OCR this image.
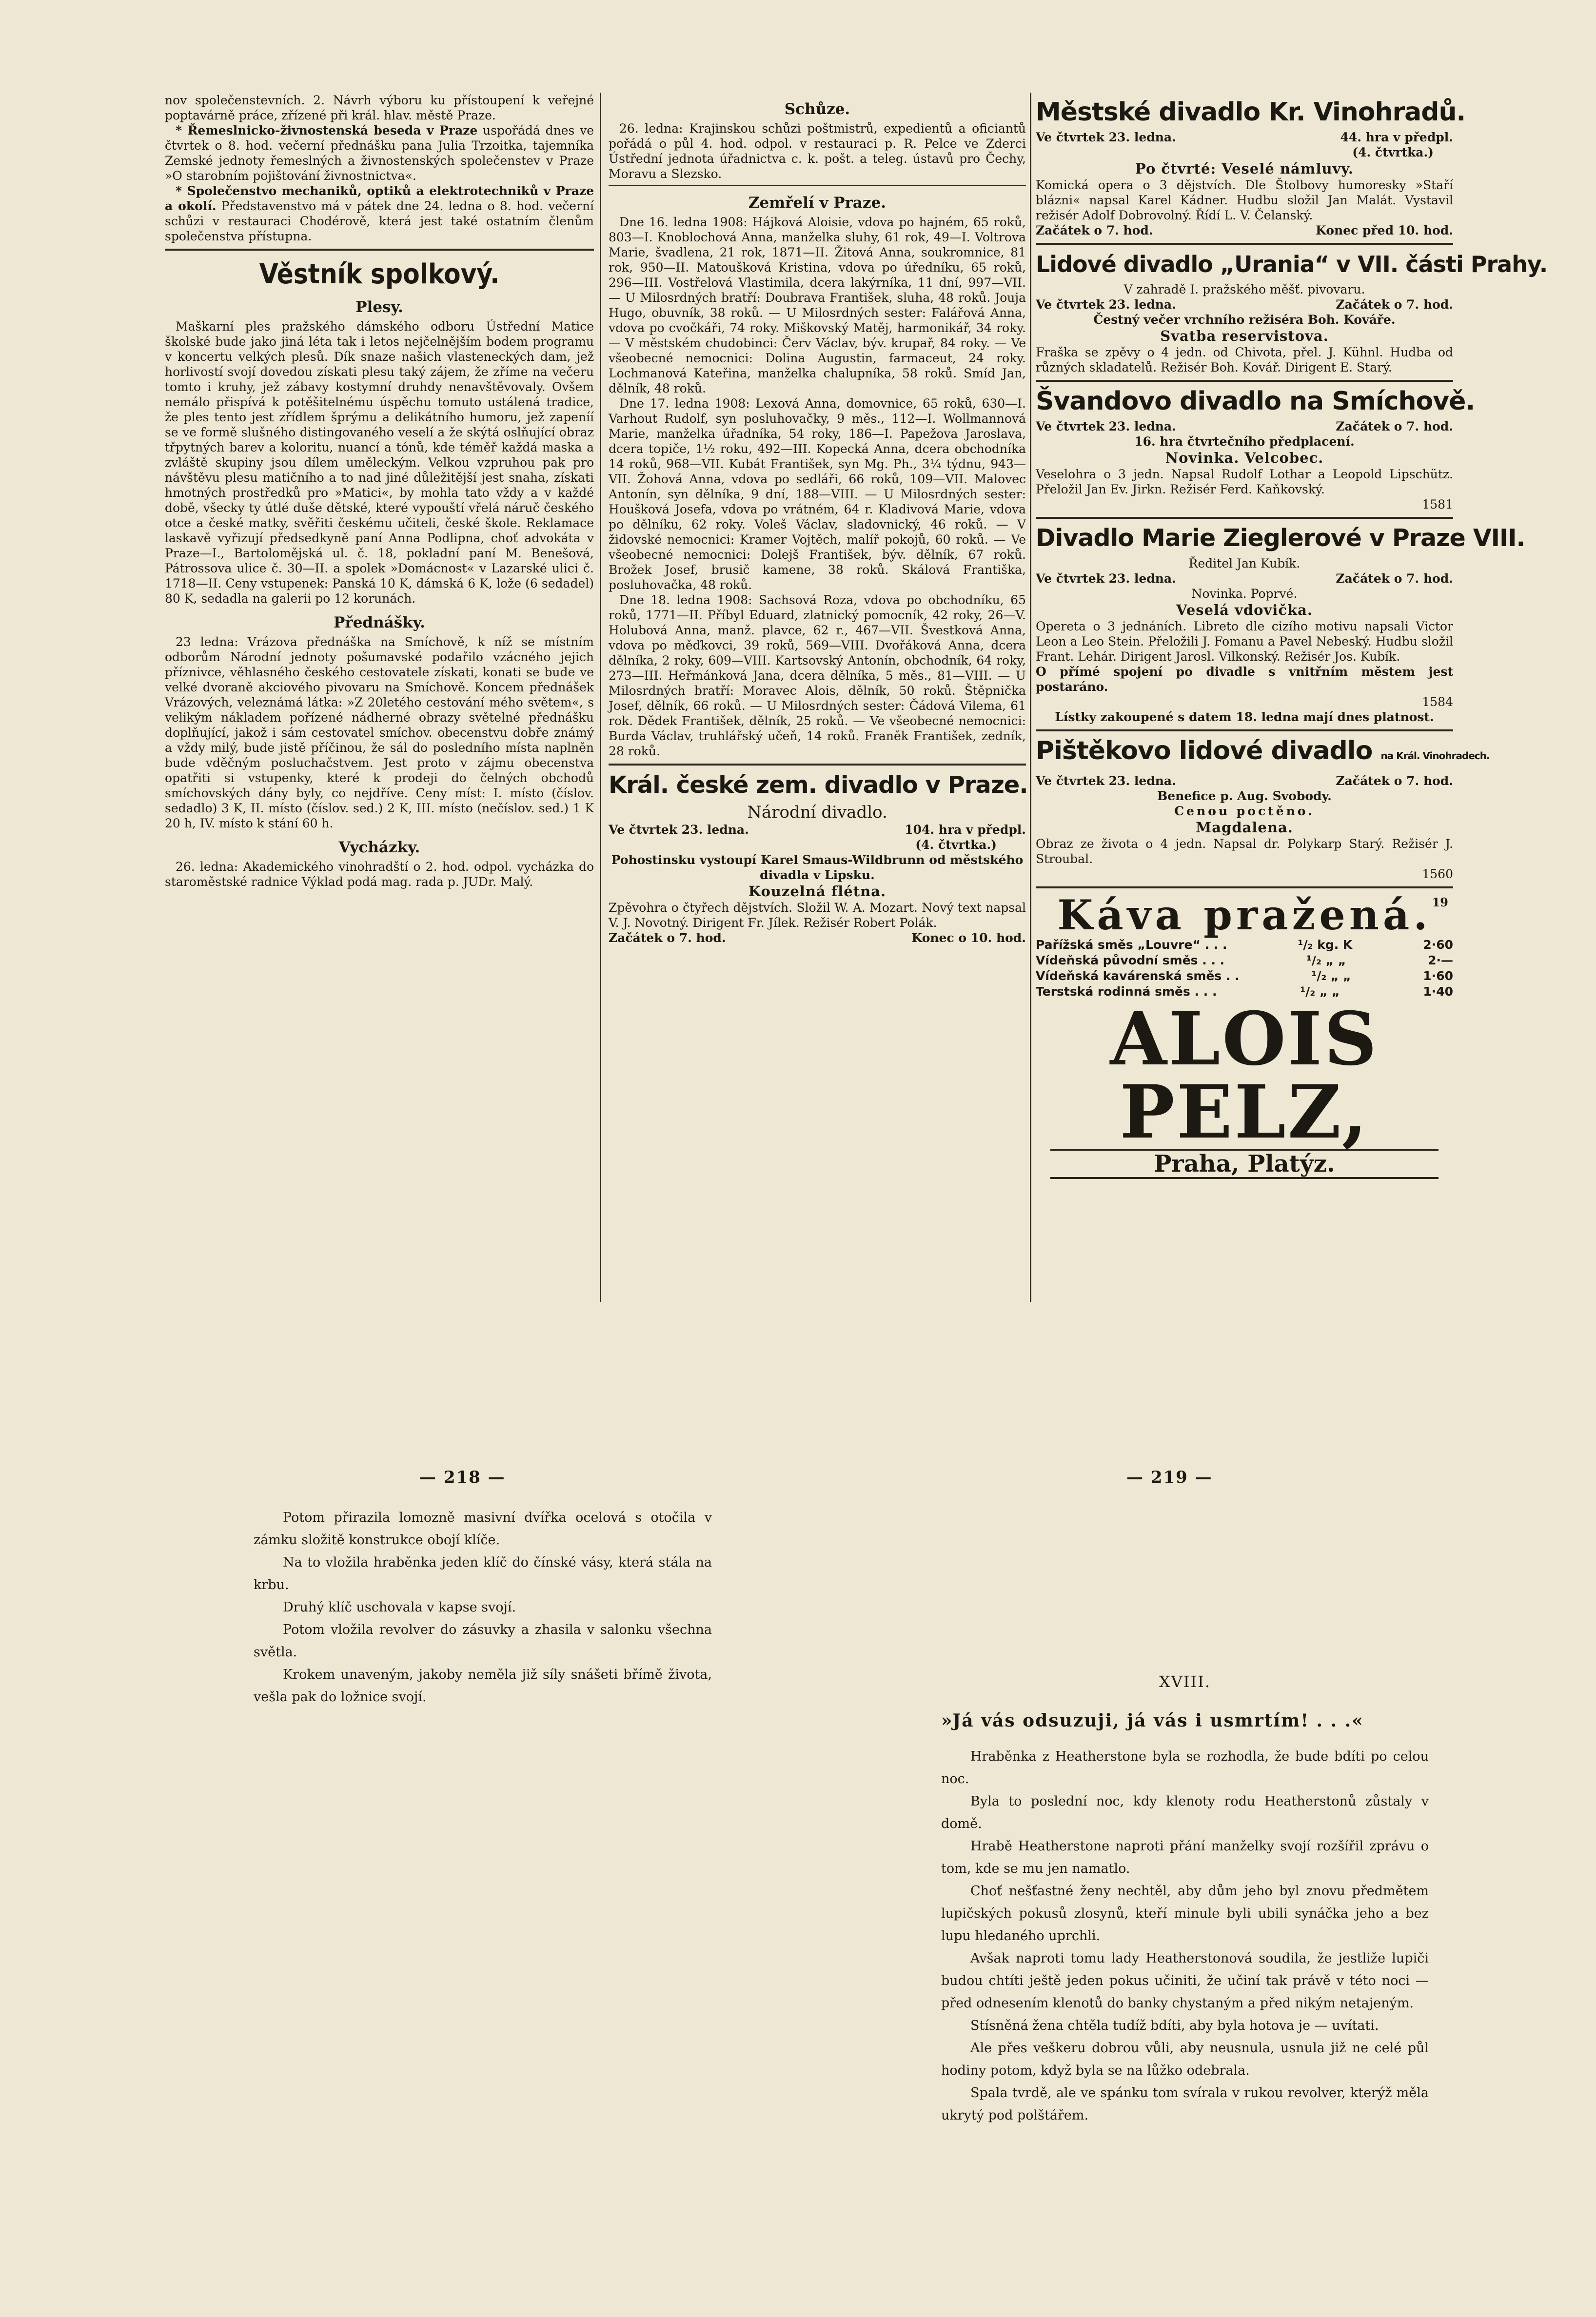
nov společenstevních. 2. Návrh výboru ku přístoupení k veřejné poptavárně práce, zřízené při král. hlav. městě Praze.

* Řemeslnicko-živnostenská beseda v Praze uspořádá dnes ve čtvrtek o 8. hod. večerní přednášku pana Julia Trzoitka, tajemníka Zemské jednoty řemeslných a živnostenských společenstev v Praze »O starobním pojištování živnostnictva«.

* Společenstvo mechaniků, optiků a elektrotechniků v Praze a okolí. Představenstvo má v pátek dne 24. ledna o 8. hod. večerní schůzi v restauraci Chodérově, která jest také ostatním členům společenstva přístupna.

Věstník spolkový.
Plesy.

Maškarní ples pražského dámského odboru Ústřední Matice školské bude jako jiná léta tak i letos nejčelnějším bodem programu v koncertu velkých plesů. Dík snaze našich vlasteneckých dam, jež horlivostí svojí dovedou získati plesu taký zájem, že zříme na večeru tomto i kruhy, jež zábavy kostymní druhdy nenavštěvovaly. Ovšem nemálo přispívá k potěšitelnému úspěchu tomuto ustálená tradice, že ples tento jest zřídlem šprýmu a delikátního humoru, jež zapeníí se ve formě slušného distingovaného veselí a že skýtá oslňující obraz třpytných barev a koloritu, nuancí a tónů, kde téměř každá maska a zvláště skupiny jsou dílem uměleckým. Velkou vzpruhou pak pro návštěvu plesu matičního a to nad jiné důležitější jest snaha, získati hmotných prostředků pro »Matici«, by mohla tato vždy a v každé době, všecky ty útlé duše dětské, které vypouští vřelá náruč českého otce a české matky, svěřiti českému učiteli, české škole. Reklamace laskavě vyřizují předsedkyně paní Anna Podlipna, choť advokáta v Praze—I., Bartolomějská ul. č. 18, pokladní paní M. Benešová, Pátrossova ulice č. 30—II. a spolek »Domácnost« v Lazarské ulici č. 1718—II. Ceny vstupenek: Panská 10 K, dámská 6 K, lože (6 sedadel) 80 K, sedadla na galerii po 12 korunách.

Přednášky.

23 ledna: Vrázova přednáška na Smíchově, k níž se místním odborům Národní jednoty pošumavské podařilo vzácného jejich příznivce, věhlasného českého cestovatele získati, konati se bude ve velké dvoraně akciového pivovaru na Smíchově. Koncem přednášek Vrázových, veleznámá látka: »Z 20letého cestování mého světem«, s velikým nákladem pořízené nádherné obrazy světelné přednášku doplňující, jakož i sám cestovatel smíchov. obecenstvu dobře známý a vždy milý, bude jistě příčinou, že sál do posledního místa naplněn bude vděčným posluchačstvem. Jest proto v zájmu obecenstva opatřiti si vstupenky, které k prodeji do čelných obchodů smíchovských dány byly, co nejdříve. Ceny míst: I. místo (číslov. sedadlo) 3 K, II. místo (číslov. sed.) 2 K, III. místo (nečíslov. sed.) 1 K 20 h, IV. místo k stání 60 h.

Vycházky.

26. ledna: Akademického vinohradští o 2. hod. odpol. vycházka do staroměstské radnice Výklad podá mag. rada p. JUDr. Malý.

Schůze.

26. ledna: Krajinskou schůzi poštmistrů, expedientů a oficiantů pořádá o půl 4. hod. odpol. v restauraci p. R. Pelce ve Zderci Ústřední jednota úřadnictva c. k. pošt. a teleg. ústavů pro Čechy, Moravu a Slezsko.

Zemřelí v Praze.

Dne 16. ledna 1908: Hájková Aloisie, vdova po hajném, 65 roků, 803—I. Knoblochová Anna, manželka sluhy, 61 rok, 49—I. Voltrova Marie, švadlena, 21 rok, 1871—II. Žitová Anna, soukromnice, 81 rok, 950—II. Matoušková Kristina, vdova po úředníku, 65 roků, 296—III. Vostřelová Vlastimila, dcera lakýrníka, 11 dní, 997—VII. — U Milosrdných bratří: Doubrava František, sluha, 48 roků. Jouja Hugo, obuvník, 38 roků. — U Milosrdných sester: Falářová Anna, vdova po cvočkáři, 74 roky. Miškovský Matěj, harmonikář, 34 roky. — V městském chudobinci: Červ Václav, býv. krupař, 84 roky. — Ve všeobecné nemocnici: Dolina Augustin, farmaceut, 24 roky. Lochmanová Kateřina, manželka chalupníka, 58 roků. Smíd Jan, dělník, 48 roků.

Dne 17. ledna 1908: Lexová Anna, domovnice, 65 roků, 630—I. Varhout Rudolf, syn posluhovačky, 9 měs., 112—I. Wollmannová Marie, manželka úřadníka, 54 roky, 186—I. Papežova Jaroslava, dcera topiče, 1½ roku, 492—III. Kopecká Anna, dcera obchodníka 14 roků, 968—VII. Kubát František, syn Mg. Ph., 3¼ týdnu, 943—VII. Žohová Anna, vdova po sedláři, 66 roků, 109—VII. Malovec Antonín, syn dělníka, 9 dní, 188—VIII. — U Milosrdných sester: Houšková Josefa, vdova po vrátném, 64 r. Kladivová Marie, vdova po dělníku, 62 roky. Voleš Václav, sladovnický, 46 roků. — V židovské nemocnici: Kramer Vojtěch, malíř pokojů, 60 roků. — Ve všeobecné nemocnici: Dolejš František, býv. dělník, 67 roků. Brožek Josef, brusič kamene, 38 roků. Skálová Františka, posluhovačka, 48 roků.

Dne 18. ledna 1908: Sachsová Roza, vdova po obchodníku, 65 roků, 1771—II. Příbyl Eduard, zlatnický pomocník, 42 roky, 26—V. Holubová Anna, manž. plavce, 62 r., 467—VII. Švestková Anna, vdova po měďkovci, 39 roků, 569—VIII. Dvořáková Anna, dcera dělníka, 2 roky, 609—VIII. Kartsovský Antonín, obchodník, 64 roky, 273—III. Heřmánková Jana, dcera dělníka, 5 měs., 81—VIII. — U Milosrdných bratří: Moravec Alois, dělník, 50 roků. Štěpnička Josef, dělník, 66 roků. — U Milosrdných sester: Čádová Vilema, 61 rok. Dědek František, dělník, 25 roků. — Ve všeobecné nemocnici: Burda Václav, truhlářský učeň, 14 roků. Franěk František, zedník, 28 roků.

Král. české zem. divadlo v Praze.
Národní divadlo.
Ve čtvrtek 23. ledna.	104. hra v předpl.
(4. čtvrtka.)
Pohostinsku vystoupí Karel Smaus-Wildbrunn od městského divadla v Lipsku.
Kouzelná flétna.

Zpěvohra o čtyřech dějstvích. Složil W. A. Mozart. Nový text napsal V. J. Novotný. Dirigent Fr. Jílek. Režisér Robert Polák.

Začátek o 7. hod.	Konec o 10. hod.
Městské divadlo Kr. Vinohradů.
Ve čtvrtek 23. ledna.	44. hra v předpl.
(4. čtvrtka.)
Po čtvrté: Veselé námluvy.

Komická opera o 3 dějstvích. Dle Štolbovy humoresky »Staří blázni« napsal Karel Kádner. Hudbu složil Jan Malát. Vystavil režisér Adolf Dobrovolný. Řídí L. V. Čelanský.

Začátek o 7. hod.	Konec před 10. hod.
Lidové divadlo „Urania“ v VII. části Prahy.
V zahradě I. pražského měšť. pivovaru.
Ve čtvrtek 23. ledna.	Začátek o 7. hod.
Čestný večer vrchního režiséra Boh. Kováře.
Svatba reservistova.

Fraška se zpěvy o 4 jedn. od Chivota, přel. J. Kühnl. Hudba od různých skladatelů. Režisér Boh. Kovář. Dirigent E. Starý.

Švandovo divadlo na Smíchově.
Ve čtvrtek 23. ledna.	Začátek o 7. hod.
16. hra čtvrtečního předplacení.
Novinka. Velcobec.

Veselohra o 3 jedn. Napsal Rudolf Lothar a Leopold Lipschütz. Přeložil Jan Ev. Jirkn. Režisér Ferd. Kaňkovský.

1581
Divadlo Marie Zieglerové v Praze VIII.
Ředitel Jan Kubík.
Ve čtvrtek 23. ledna.	Začátek o 7. hod.
Novinka. Poprvé.
Veselá vdovička.

Opereta o 3 jednáních. Libreto dle cizího motivu napsali Victor Leon a Leo Stein. Přeložili J. Fomanu a Pavel Nebeský. Hudbu složil Frant. Lehár. Dirigent Jarosl. Vilkonský. Režisér Jos. Kubík.

O přímé spojení po divadle s vnitřním městem jest postaráno.

1584

Lístky zakoupené s datem 18. ledna mají dnes platnost.

Pištěkovo lidové divadlo na Král. Vinohradech.
Ve čtvrtek 23. ledna.	Začátek o 7. hod.
Benefice p. Aug. Svobody.
Cenou poctěno.
Magdalena.

Obraz ze života o 4 jedn. Napsal dr. Polykarp Starý. Režisér J. Stroubal.

1560
Káva pražená. 19
Pařížská směs „Louvre“ . . .	¹/₂ kg. K	2·60
Vídeňská původní směs . . .	¹/₂ „ „	2·—
Vídeňská kavárenská směs . .	¹/₂ „ „	1·60
Terstská rodinná směs . . .	¹/₂ „ „	1·40
ALOIS PELZ,
Praha, Platýz.
— 218 —	— 219 —

Potom přirazila lomozně masivní dvířka ocelová s otočila v zámku složitě konstrukce obojí klíče.

Na to vložila hraběnka jeden klíč do čínské vásy, která stála na krbu.

Druhý klíč uschovala v kapse svojí.

Potom vložila revolver do zásuvky a zhasila v salonku všechna světla.

Krokem unaveným, jakoby neměla již síly snášeti břímě života, vešla pak do ložnice svojí.

XVIII.
»Já vás odsuzuji, já vás i usmrtím! . . .«

Hraběnka z Heatherstone byla se rozhodla, že bude bdíti po celou noc.

Byla to poslední noc, kdy klenoty rodu Heatherstonů zůstaly v domě.

Hrabě Heatherstone naproti přání manželky svojí rozšířil zprávu o tom, kde se mu jen namatlo.

Choť nešťastné ženy nechtěl, aby dům jeho byl znovu předmětem lupičských pokusů zlosynů, kteří minule byli ubili synáčka jeho a bez lupu hledaného uprchli.

Avšak naproti tomu lady Heatherstonová soudila, že jestliže lupiči budou chtíti ještě jeden pokus učiniti, že učiní tak právě v této noci — před odnesením klenotů do banky chystaným a před nikým netajeným.

Stísněná žena chtěla tudíž bdíti, aby byla hotova je — uvítati.

Ale přes veškeru dobrou vůli, aby neusnula, usnula již ne celé půl hodiny potom, když byla se na lůžko odebrala.

Spala tvrdě, ale ve spánku tom svírala v rukou revolver, kterýž měla ukrytý pod polštářem.
